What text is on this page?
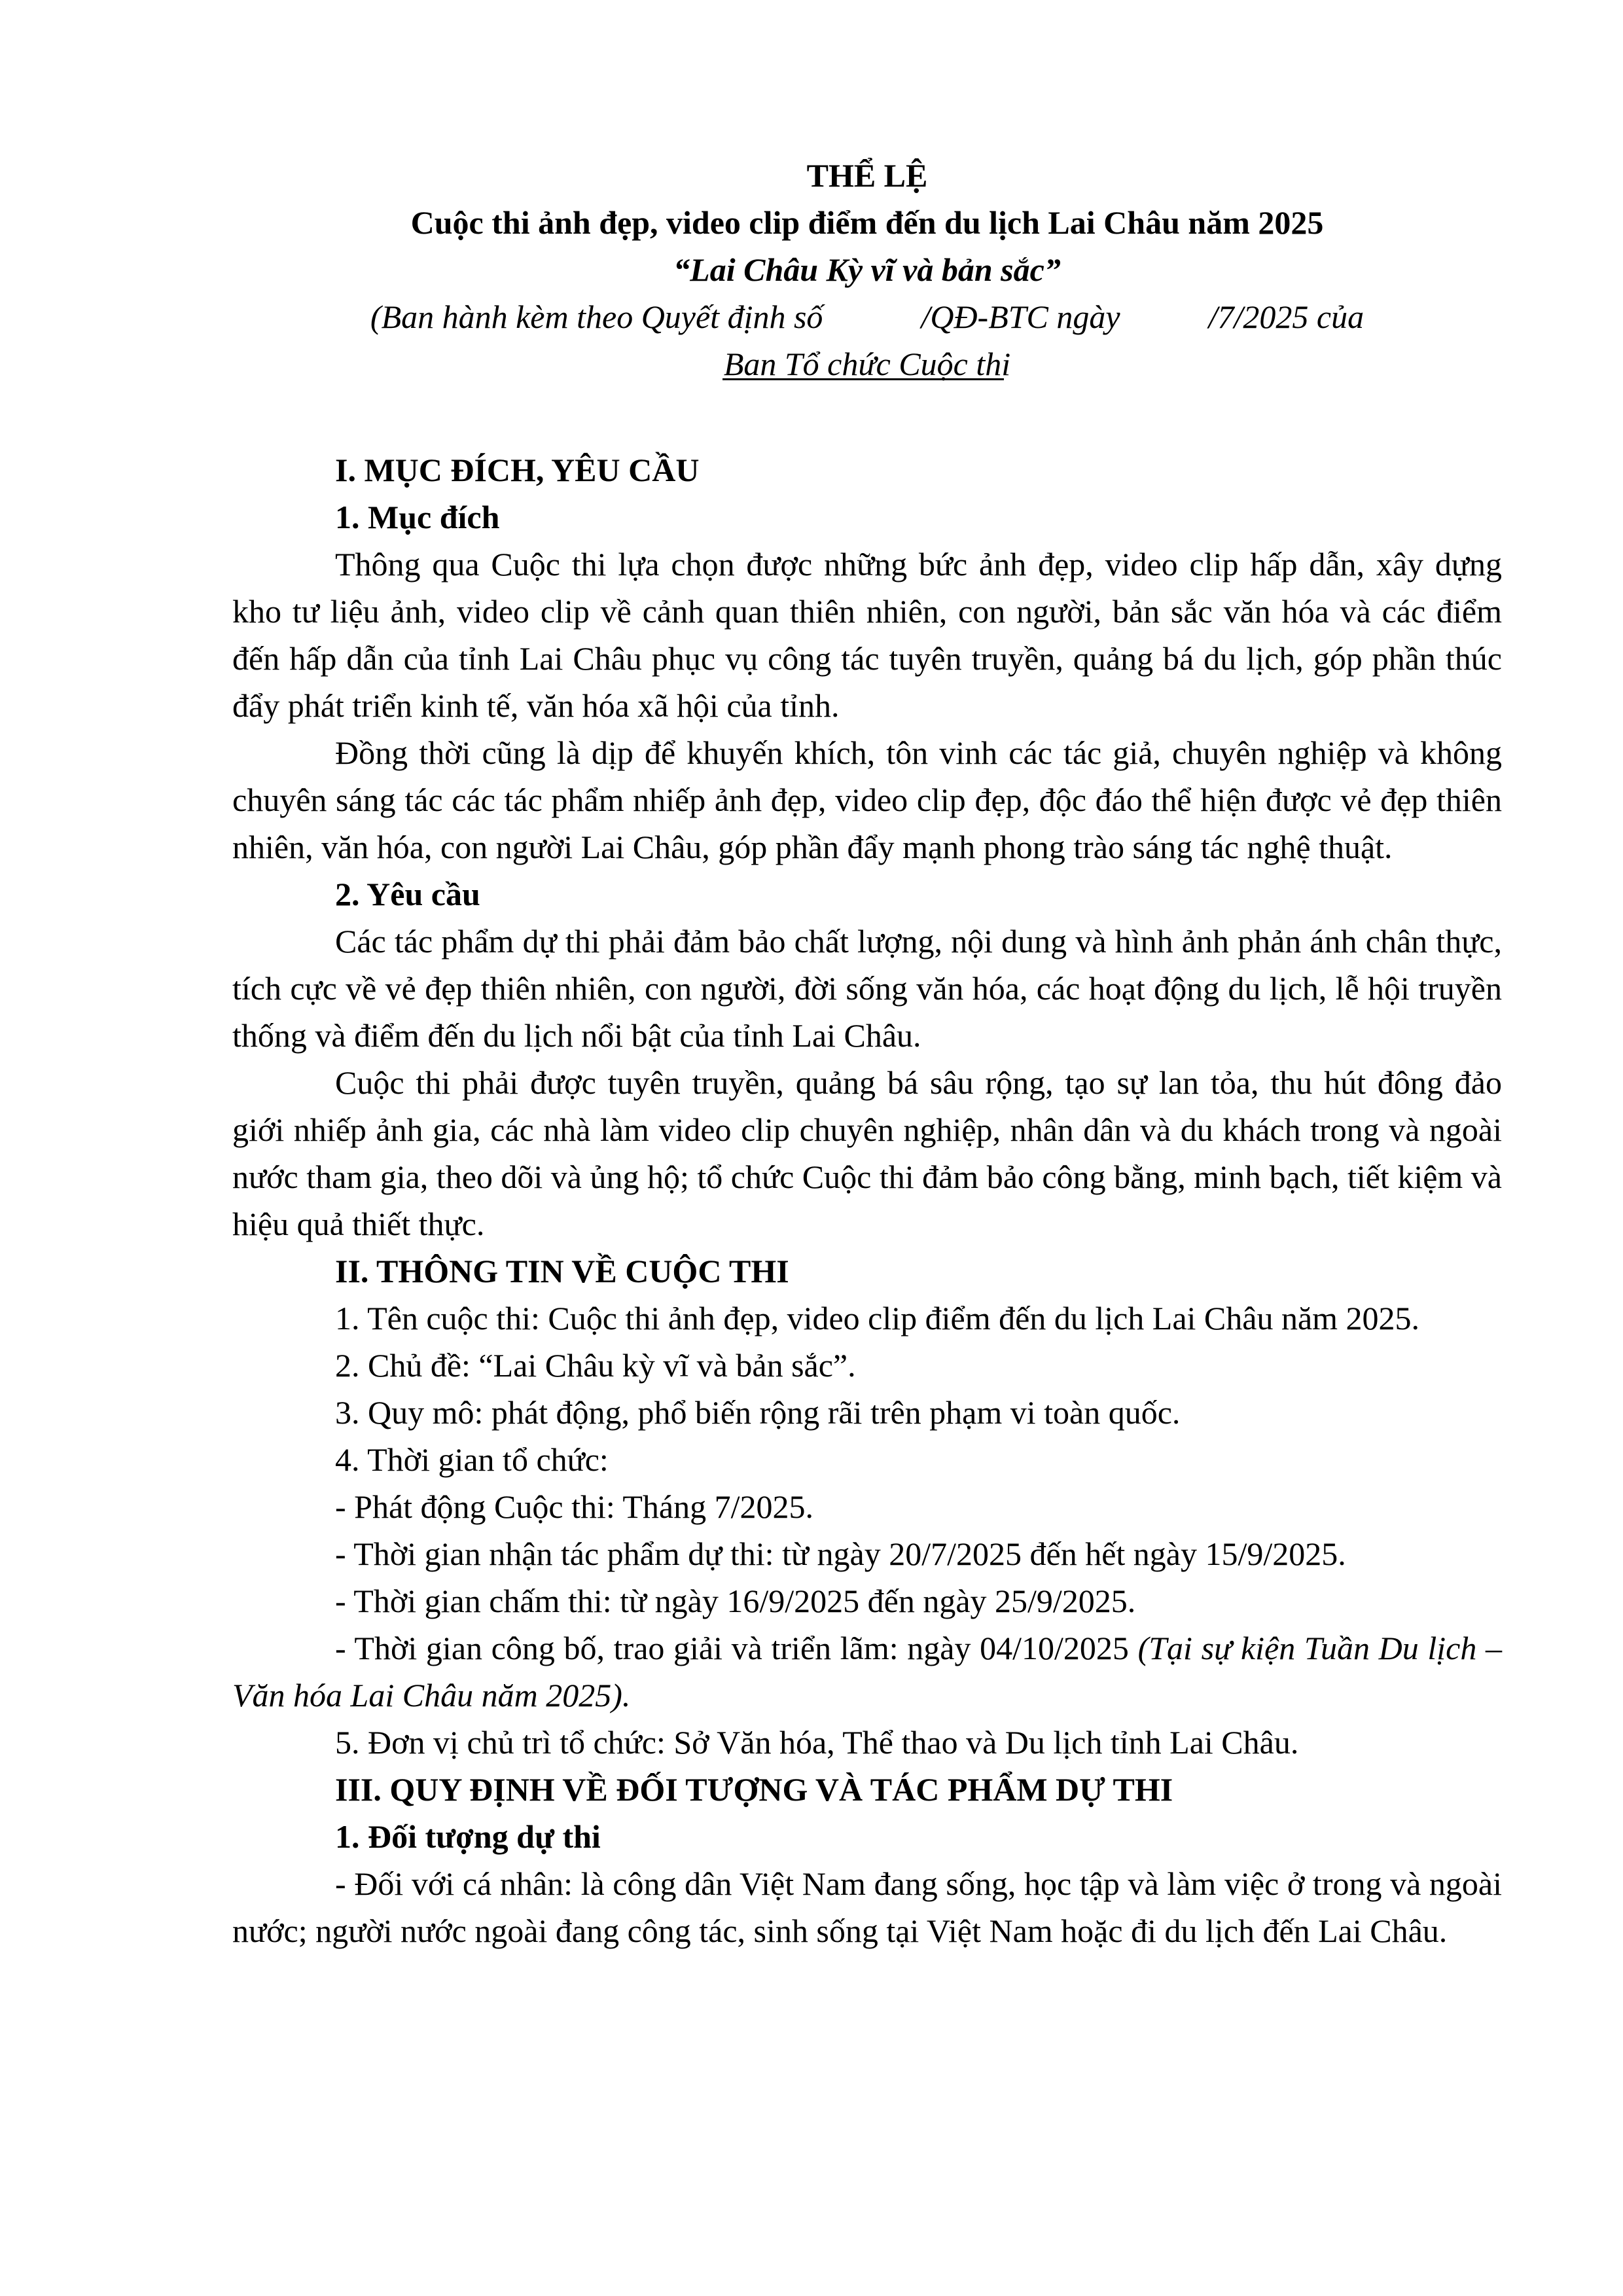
THỂ LỆ
Cuộc thi ảnh đẹp, video clip điểm đến du lịch Lai Châu năm 2025
“Lai Châu Kỳ vĩ và bản sắc”
(Ban hành kèm theo Quyết định số	/QĐ-BTC ngày	/7/2025 của
Ban Tổ chức Cuộc thi

I. MỤC ĐÍCH, YÊU CẦU

1. Mục đích

Thông qua Cuộc thi lựa chọn được những bức ảnh đẹp, video clip hấp dẫn, xây dựng kho tư liệu ảnh, video clip về cảnh quan thiên nhiên, con người, bản sắc văn hóa và các điểm đến hấp dẫn của tỉnh Lai Châu phục vụ công tác tuyên truyền, quảng bá du lịch, góp phần thúc đẩy phát triển kinh tế, văn hóa xã hội của tỉnh.

Đồng thời cũng là dịp để khuyến khích, tôn vinh các tác giả, chuyên nghiệp và không chuyên sáng tác các tác phẩm nhiếp ảnh đẹp, video clip đẹp, độc đáo thể hiện được vẻ đẹp thiên nhiên, văn hóa, con người Lai Châu, góp phần đẩy mạnh phong trào sáng tác nghệ thuật.

2. Yêu cầu

Các tác phẩm dự thi phải đảm bảo chất lượng, nội dung và hình ảnh phản ánh chân thực, tích cực về vẻ đẹp thiên nhiên, con người, đời sống văn hóa, các hoạt động du lịch, lễ hội truyền thống và điểm đến du lịch nổi bật của tỉnh Lai Châu.

Cuộc thi phải được tuyên truyền, quảng bá sâu rộng, tạo sự lan tỏa, thu hút đông đảo giới nhiếp ảnh gia, các nhà làm video clip chuyên nghiệp, nhân dân và du khách trong và ngoài nước tham gia, theo dõi và ủng hộ; tổ chức Cuộc thi đảm bảo công bằng, minh bạch, tiết kiệm và hiệu quả thiết thực.

II. THÔNG TIN VỀ CUỘC THI

1. Tên cuộc thi: Cuộc thi ảnh đẹp, video clip điểm đến du lịch Lai Châu năm 2025.

2. Chủ đề: “Lai Châu kỳ vĩ và bản sắc”.

3. Quy mô: phát động, phổ biến rộng rãi trên phạm vi toàn quốc.

4. Thời gian tổ chức:

- Phát động Cuộc thi: Tháng 7/2025.

- Thời gian nhận tác phẩm dự thi: từ ngày 20/7/2025 đến hết ngày 15/9/2025.

- Thời gian chấm thi: từ ngày 16/9/2025 đến ngày 25/9/2025.

- Thời gian công bố, trao giải và triển lãm: ngày 04/10/2025 (Tại sự kiện Tuần Du lịch – Văn hóa Lai Châu năm 2025).

5. Đơn vị chủ trì tổ chức: Sở Văn hóa, Thể thao và Du lịch tỉnh Lai Châu.

III. QUY ĐỊNH VỀ ĐỐI TƯỢNG VÀ TÁC PHẨM DỰ THI

1. Đối tượng dự thi

- Đối với cá nhân: là công dân Việt Nam đang sống, học tập và làm việc ở trong và ngoài nước; người nước ngoài đang công tác, sinh sống tại Việt Nam hoặc đi du lịch đến Lai Châu.
